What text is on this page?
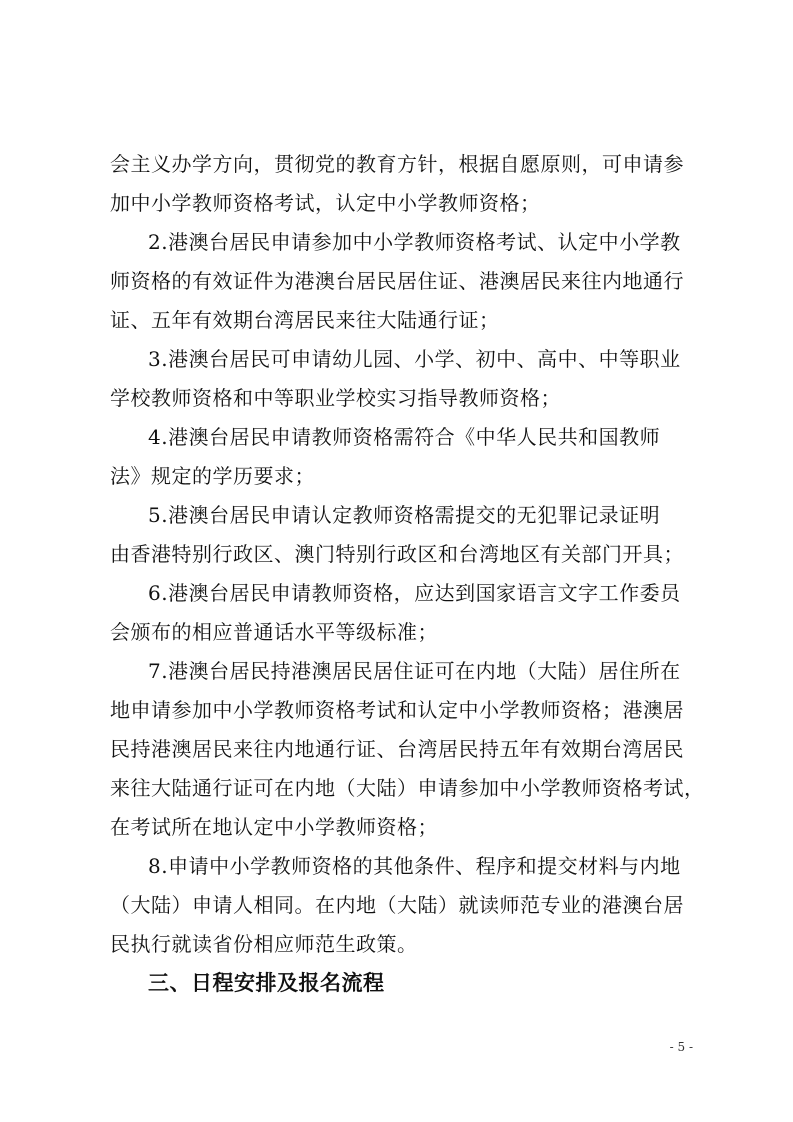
会主义办学方向，贯彻党的教育方针，根据自愿原则，可申请参
加中小学教师资格考试，认定中小学教师资格；
2.港澳台居民申请参加中小学教师资格考试、认定中小学教
师资格的有效证件为港澳台居民居住证、港澳居民来往内地通行
证、五年有效期台湾居民来往大陆通行证；
3.港澳台居民可申请幼儿园、小学、初中、高中、中等职业
学校教师资格和中等职业学校实习指导教师资格；
4.港澳台居民申请教师资格需符合《中华人民共和国教师
法》规定的学历要求；
5.港澳台居民申请认定教师资格需提交的无犯罪记录证明
由香港特别行政区、澳门特别行政区和台湾地区有关部门开具；
6.港澳台居民申请教师资格，应达到国家语言文字工作委员
会颁布的相应普通话水平等级标准；
7.港澳台居民持港澳居民居住证可在内地（大陆）居住所在
地申请参加中小学教师资格考试和认定中小学教师资格；港澳居
民持港澳居民来往内地通行证、台湾居民持五年有效期台湾居民
来往大陆通行证可在内地（大陆）申请参加中小学教师资格考试，
在考试所在地认定中小学教师资格；
8.申请中小学教师资格的其他条件、程序和提交材料与内地
（大陆）申请人相同。在内地（大陆）就读师范专业的港澳台居
民执行就读省份相应师范生政策。
三、日程安排及报名流程
- 5 -
